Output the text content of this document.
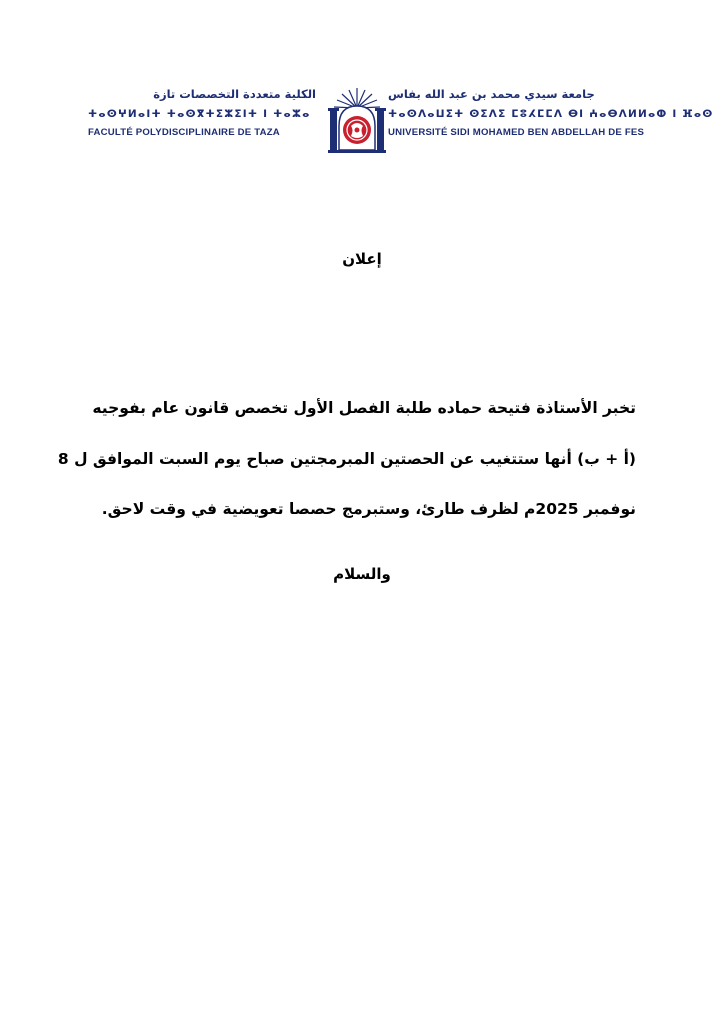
الكلية متعددة التخصصات تازة
ⵜⴰⵙⵖⵍⴰⵏⵜ ⵜⴰⵙⴳⵜⵉⵣⵉⵏⵜ ⵏ ⵜⴰⵣⴰ
FACULTÉ POLYDISCIPLINAIRE DE TAZA
جامعة سيدي محمد بن عبد الله بفاس
ⵜⴰⵙⴷⴰⵡⵉⵜ ⵙⵉⴷⵉ ⵎⵓⵃⵎⵎⴷ ⴱⵏ ⵄⴰⴱⴷⵍⵍⴰⵀ ⵏ ⴼⴰⵙ
UNIVERSITÉ SIDI MOHAMED BEN ABDELLAH DE FES
إعلان
تخبر الأستاذة فتيحة حماده طلبة الفصل الأول تخصص قانون عام بفوجيه
(أ + ب) أنها ستتغيب عن الحصتين المبرمجتين صباح يوم السبت الموافق ل 8
نوفمبر 2025م لظرف طارئ، وستبرمج حصصا تعويضية في وقت لاحق.
والسلام
